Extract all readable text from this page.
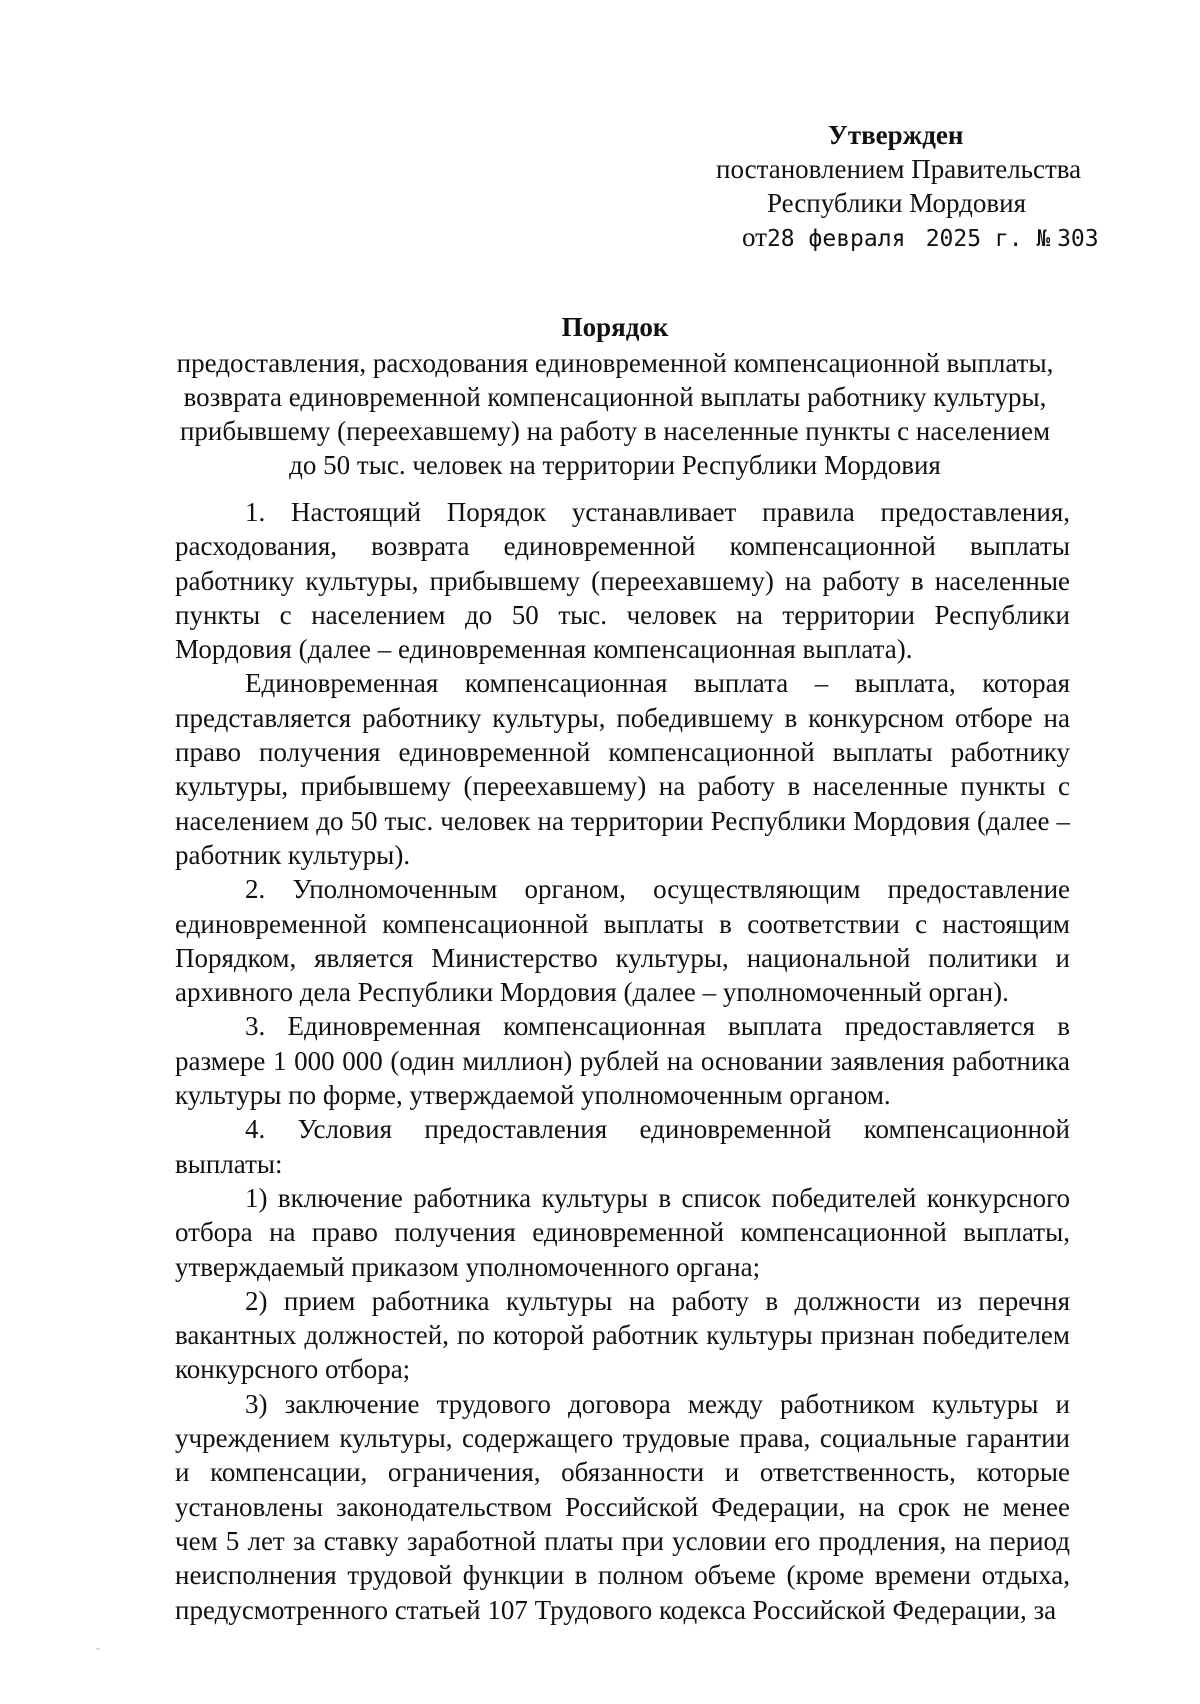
Утвержден
постановлением Правительства
Республики Мордовия
от28 февраля 2025 г. № 303
Порядок
предоставления, расходования единовременной компенсационной выплаты, возврата единовременной компенсационной выплаты работнику культуры, прибывшему (переехавшему) на работу в населенные пункты с населением до 50 тыс. человек на территории Республики Мордовия

1. Настоящий Порядок устанавливает правила предоставления, расходования, возврата единовременной компенсационной выплаты работнику культуры, прибывшему (переехавшему) на работу в населенные пункты с населением до 50 тыс. человек на территории Республики Мордовия (далее – единовременная компенсационная выплата).

Единовременная компенсационная выплата – выплата, которая представляется работнику культуры, победившему в конкурсном отборе на право получения единовременной компенсационной выплаты работнику культуры, прибывшему (переехавшему) на работу в населенные пункты с населением до 50 тыс. человек на территории Республики Мордовия (далее – работник культуры).

2. Уполномоченным органом, осуществляющим предоставление единовременной компенсационной выплаты в соответствии с настоящим Порядком, является Министерство культуры, национальной политики и архивного дела Республики Мордовия (далее – уполномоченный орган).

3. Единовременная компенсационная выплата предоставляется в размере 1 000 000 (один миллион) рублей на основании заявления работника культуры по форме, утверждаемой уполномоченным органом.

4. Условия предоставления единовременной компенсационной выплаты:

1) включение работника культуры в список победителей конкурсного отбора на право получения единовременной компенсационной выплаты, утверждаемый приказом уполномоченного органа;

2) прием работника культуры на работу в должности из перечня вакантных должностей, по которой работник культуры признан победителем конкурсного отбора;

3) заключение трудового договора между работником культуры и учреждением культуры, содержащего трудовые права, социальные гарантии и компенсации, ограничения, обязанности и ответственность, которые установлены законодательством Российской Федерации, на срок не менее чем 5 лет за ставку заработной платы при условии его продления, на период неисполнения трудовой функции в полном объеме (кроме времени отдыха, предусмотренного статьей 107 Трудового кодекса Российской Федерации, за
